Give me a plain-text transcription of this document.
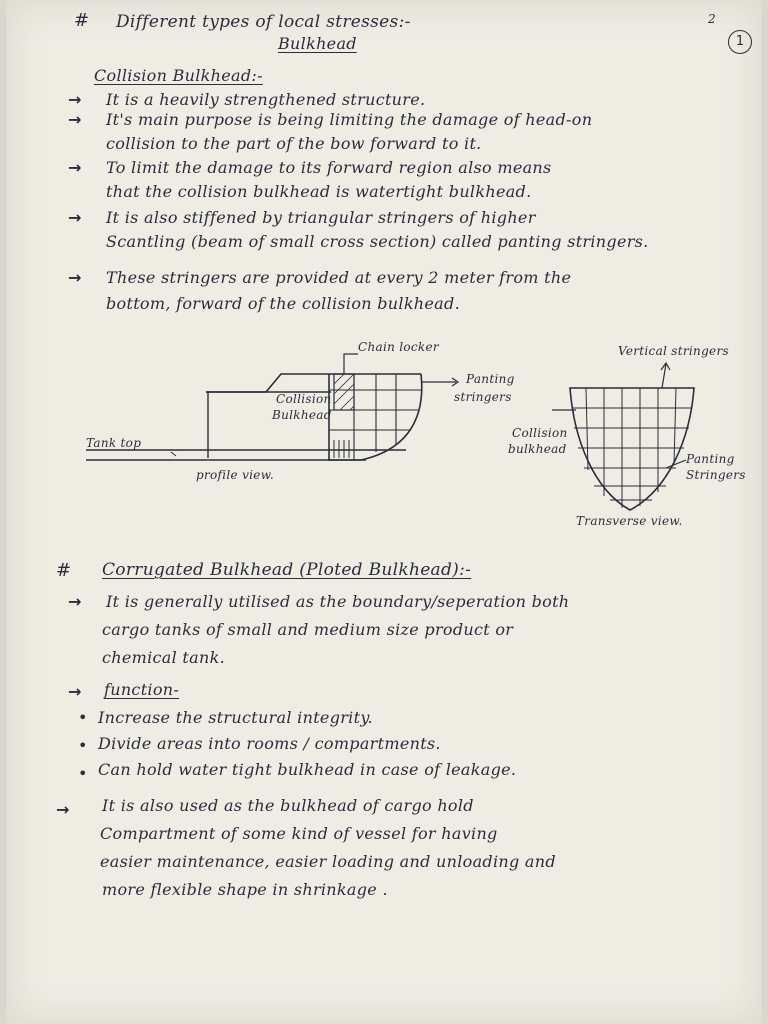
# Different types of local stresses:-
Bulkhead
2
1
Collision Bulkhead:-
→ It is a heavily strengthened structure.
→ It's main purpose is being limiting the damage of head-on
collision to the part of the bow forward to it.
→ To limit the damage to its forward region also means
that the collision bulkhead is watertight bulkhead.
→ It is also stiffened by triangular stringers of higher
Scantling (beam of small cross section) called panting stringers.
→ These stringers are provided at every 2 meter from the
bottom, forward of the collision bulkhead.
Chain locker
Collision
Bulkhead
Panting
stringers
Tank top
profile view.
Vertical stringers
Collision
bulkhead
Panting
Stringers
Transverse view.
# Corrugated Bulkhead (Ploted Bulkhead):-
→ It is generally utilised as the boundary/seperation both
cargo tanks of small and medium size product or
chemical tank.
→ function-
• Increase the structural integrity.
• Divide areas into rooms / compartments.
• Can hold water tight bulkhead in case of leakage.
→ It is also used as the bulkhead of cargo hold
Compartment of some kind of vessel for having
easier maintenance, easier loading and unloading and
more flexible shape in shrinkage .
